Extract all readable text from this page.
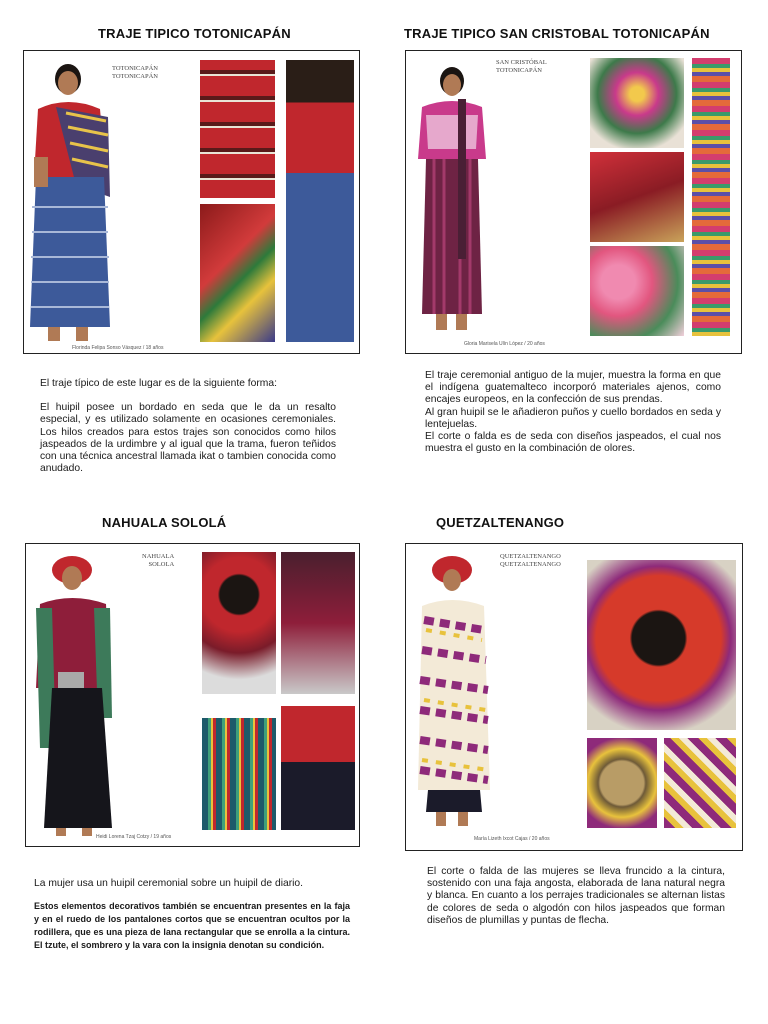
TRAJE TIPICO TOTONICAPÁN
TOTONICAPÁN
TOTONICAPÁN
Florinda Felipa Sonso Vásquez / 18 años

El traje típico de este lugar es de la siguiente forma:

El huipil posee un bordado en seda que le da un resalto especial, y es utilizado solamente en ocasiones ceremoniales. Los hilos creados para estos trajes son conocidos como hilos jaspeados de la urdimbre y al igual que la trama, fueron teñidos con una técnica ancestral llamada ikat o tambien conocida como anudado.

TRAJE TIPICO SAN CRISTOBAL TOTONICAPÁN
SAN CRISTÓBAL
TOTONICAPÁN
Gloria Marisela Ulín López / 20 años

El traje ceremonial antiguo de la mujer, muestra la forma en que el indígena guatemalteco incorporó materiales ajenos, como encajes europeos, en la confección de sus prendas.

Al gran huipil se le añadieron puños y cuello bordados en seda y lentejuelas.

El corte o falda es de seda con diseños jaspeados, el cual nos muestra el gusto en la combinación de olores.

NAHUALA SOLOLÁ
NAHUALA
SOLOLA
Heidi Lorena Tzaj Cotzy / 19 años

La mujer usa un huipil ceremonial sobre un huipil de diario.

Estos elementos decorativos también se encuentran presentes en la faja y en el ruedo de los pantalones cortos que se encuentran ocultos por la rodillera, que es una pieza de lana rectangular que se enrolla a la cintura. El tzute, el sombrero y la vara con la insignia denotan su condición.

QUETZALTENANGO
QUETZALTENANGO
QUETZALTENANGO
María Lizeth Ixcot Cajas / 20 años

El corte o falda de las mujeres se lleva fruncido a la cintura, sostenido con una faja angosta, elaborada de lana natural negra y blanca. En cuanto a los perrajes tradicionales se alternan listas de colores de seda o algodón con hilos jaspeados que forman diseños de plumillas y puntas de flecha.
